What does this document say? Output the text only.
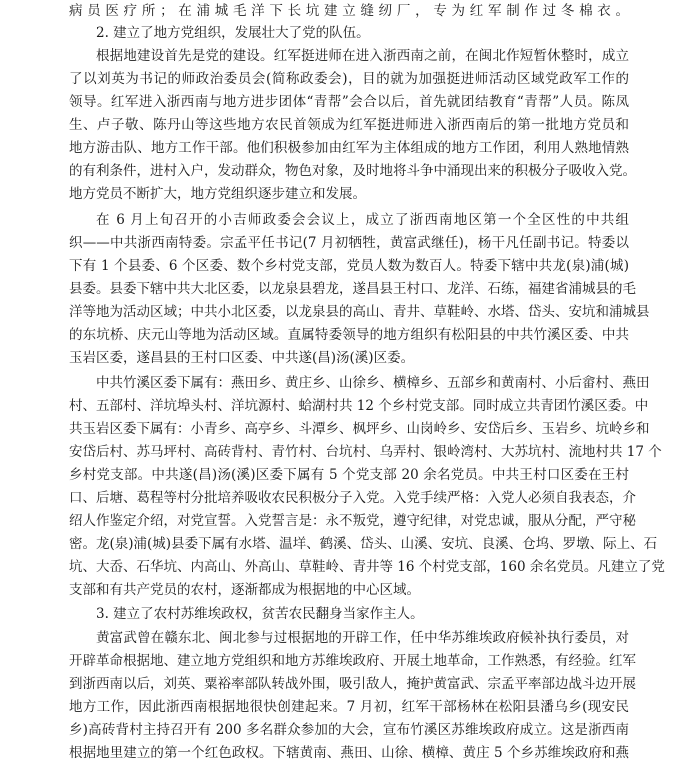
病员医疗所；在浦城毛洋下长坑建立缝纫厂，专为红军制作过冬棉衣。
2. 建立了地方党组织，发展壮大了党的队伍。
根据地建设首先是党的建设。红军挺进师在进入浙西南之前，在闽北作短暂休整时，成立
了以刘英为书记的师政治委员会(简称政委会)，目的就为加强挺进师活动区域党政军工作的
领导。红军进入浙西南与地方进步团体“青帮”会合以后，首先就团结教育“青帮”人员。陈凤
生、卢子敬、陈丹山等这些地方农民首领成为红军挺进师进入浙西南后的第一批地方党员和
地方游击队、地方工作干部。他们积极参加由红军为主体组成的地方工作团，利用人熟地情熟
的有利条件，进村入户，发动群众，物色对象，及时地将斗争中涌现出来的积极分子吸收入党。
地方党员不断扩大，地方党组织逐步建立和发展。
在 6 月上旬召开的小吉师政委会会议上，成立了浙西南地区第一个全区性的中共组
织——中共浙西南特委。宗孟平任书记(7 月初牺牲，黄富武继任)，杨干凡任副书记。特委以
下有 1 个县委、6 个区委、数个乡村党支部，党员人数为数百人。特委下辖中共龙(泉)浦(城)
县委。县委下辖中共大北区委，以龙泉县碧龙，遂昌县王村口、龙洋、石练，福建省浦城县的毛
洋等地为活动区域；中共小北区委，以龙泉县的高山、青井、草鞋岭、水塔、岱头、安坑和浦城县
的东坑桥、庆元山等地为活动区域。直属特委领导的地方组织有松阳县的中共竹溪区委、中共
玉岩区委，遂昌县的王村口区委、中共遂(昌)汤(溪)区委。
中共竹溪区委下属有：燕田乡、黄庄乡、山徐乡、横樟乡、五部乡和黄南村、小后畲村、燕田
村、五部村、洋坑埠头村、洋坑源村、蛤湖村共 12 个乡村党支部。同时成立共青团竹溪区委。中
共玉岩区委下属有：小青乡、高亭乡、斗潭乡、枫坪乡、山岗岭乡、安岱后乡、玉岩乡、坑岭乡和
安岱后村、苏马坪村、高砖背村、青竹村、台坑村、乌弄村、银岭湾村、大苏坑村、流地村共 17 个
乡村党支部。中共遂(昌)汤(溪)区委下属有 5 个党支部 20 余名党员。中共王村口区委在王村
口、后塘、葛程等村分批培养吸收农民积极分子入党。入党手续严格：入党人必须自我表态，介
绍人作鉴定介绍，对党宣誓。入党誓言是：永不叛党，遵守纪律，对党忠诚，服从分配，严守秘
密。龙(泉)浦(城)县委下属有水塔、温垟、鹤溪、岱头、山溪、安坑、良溪、仓坞、罗墩、际上、石
坑、大岙、石华坑、内高山、外高山、草鞋岭、青井等 16 个村党支部，160 余名党员。凡建立了党
支部和有共产党员的农村，逐渐都成为根据地的中心区域。
3. 建立了农村苏维埃政权，贫苦农民翻身当家作主人。
黄富武曾在赣东北、闽北参与过根据地的开辟工作，任中华苏维埃政府候补执行委员，对
开辟革命根据地、建立地方党组织和地方苏维埃政府、开展土地革命，工作熟悉，有经验。红军
到浙西南以后，刘英、粟裕率部队转战外围，吸引敌人，掩护黄富武、宗孟平率部边战斗边开展
地方工作，因此浙西南根据地很快创建起来。7 月初，红军干部杨林在松阳县潘乌乡(现安民
乡)高砖背村主持召开有 200 多名群众参加的大会，宣布竹溪区苏维埃政府成立。这是浙西南
根据地里建立的第一个红色政权。下辖黄南、燕田、山徐、横樟、黄庄 5 个乡苏维埃政府和燕
